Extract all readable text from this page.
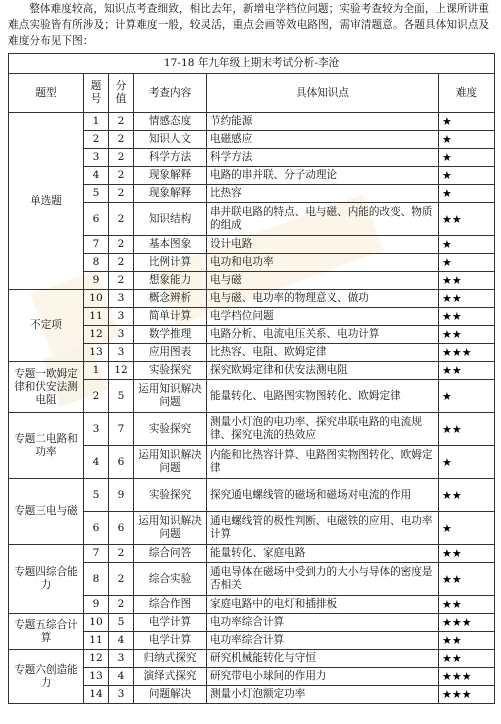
整体难度较高，知识点考查细致，相比去年，新增电学档位问题；实验考查较为全面，上课所讲重难点实验皆有所涉及；计算难度一般，较灵活，重点会画等效电路图，需审清题意。各题具体知识点及难度分布见下图：

17-18 年九年级上期末考试分析-李沧					
题型	题号	分值	考查内容	具体知识点	难度
单选题	1	2	情感态度	节约能源	★
	2	2	知识人文	电磁感应	★
	3	2	科学方法	科学方法	★
	4	2	现象解释	电路的串并联、分子动理论	★
	5	2	现象解释	比热容	★
	6	2	知识结构	串并联电路的特点、电与磁、内能的改变、物质的组成	★★
	7	2	基本图象	设计电路	★
	8	2	比例计算	电功和电功率	★
	9	2	想象能力	电与磁	★★
不定项	10	3	概念辨析	电与磁、电功率的物理意义、做功	★★
	11	3	简单计算	电学档位问题	★★
	12	3	数学推理	电路分析、电流电压关系、电功计算	★★
	13	3	应用图表	比热容、电阻、欧姆定律	★★★
专题一欧姆定律和伏安法测电阻	1	12	实验探究	探究欧姆定律和伏安法测电阻	★★
	2	5	运用知识解决问题	能量转化、电路图实物图转化、欧姆定律	★
专题二电路和功率	3	7	实验探究	测量小灯泡的电功率、探究串联电路的电流规律、探究电流的热效应	★★
	4	6	运用知识解决问题	内能和比热容计算、电路图实物图转化、欧姆定律	★
专题三电与磁	5	9	实验探究	探究通电螺线管的磁场和磁场对电流的作用	★★
	6	6	运用知识解决问题	通电螺线管的极性判断、电磁铁的应用、电功率计算	★
专题四综合能力	7	2	综合问答	能量转化、家庭电路	★★
	8	2	综合实验	通电导体在磁场中受到力的大小与导体的密度是否相关	★★
	9	2	综合作图	家庭电路中的电灯和插排板	★★
专题五综合计算	10	5	电学计算	电功率综合计算	★★★
	11	4	电学计算	电功率综合计算	★★
专题六创造能力	12	3	归纳式探究	研究机械能转化与守恒	★★
	13	4	演绎式探究	研究带电小球间的作用力	★★★
	14	3	问题解决	测量小灯泡额定功率	★★★
